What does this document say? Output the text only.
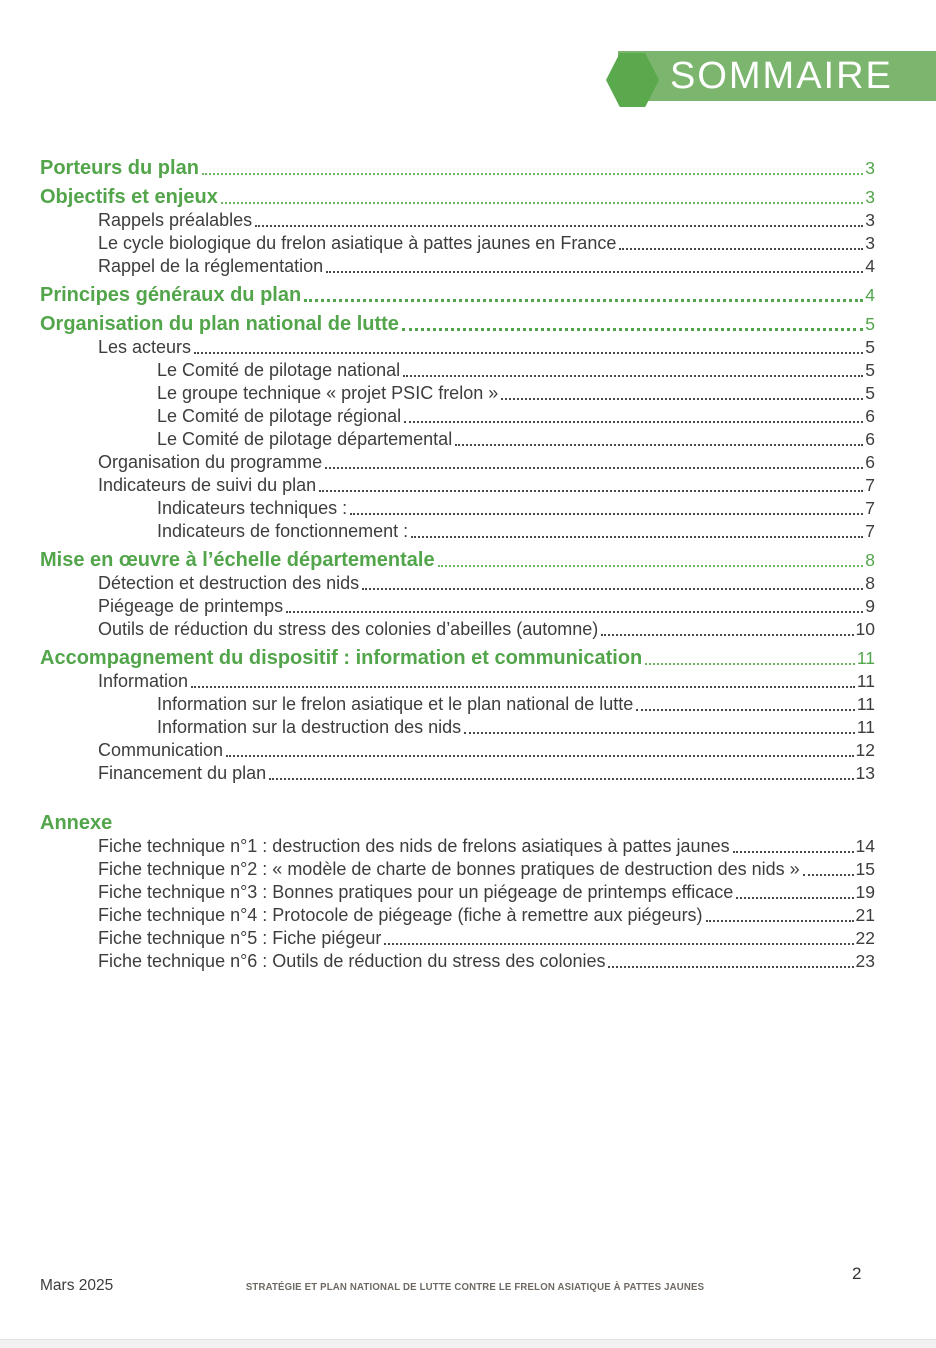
SOMMAIRE
Porteurs du plan	3
Objectifs et enjeux	3
Rappels préalables	3
Le cycle biologique du frelon asiatique à pattes jaunes en France	3
Rappel de la réglementation	4
Principes généraux du plan	4
Organisation du plan national de lutte	5
Les acteurs	5
Le Comité de pilotage national	5
Le groupe technique « projet PSIC frelon »	5
Le Comité de pilotage régional	6
Le Comité de pilotage départemental	6
Organisation du programme	6
Indicateurs de suivi du plan	7
Indicateurs techniques :	7
Indicateurs de fonctionnement :	7
Mise en œuvre à l’échelle départementale	8
Détection et destruction des nids	8
Piégeage de printemps	9
Outils de réduction du stress des colonies d’abeilles (automne)	10
Accompagnement du dispositif : information et communication	11
Information	11
Information sur le frelon asiatique et le plan national de lutte	11
Information sur la destruction des nids	11
Communication	12
Financement du plan	13
Annexe
Fiche technique n°1 : destruction des nids de frelons asiatiques à pattes jaunes	14
Fiche technique n°2 : « modèle de charte de bonnes pratiques de destruction des nids »	15
Fiche technique n°3 : Bonnes pratiques pour un piégeage de printemps efficace	19
Fiche technique n°4 : Protocole de piégeage (fiche à remettre aux piégeurs)	21
Fiche technique n°5 : Fiche piégeur	22
Fiche technique n°6 : Outils de réduction du stress des colonies	23
Mars 2025	STRATÉGIE ET PLAN NATIONAL DE LUTTE CONTRE LE FRELON ASIATIQUE À PATTES JAUNES
2
